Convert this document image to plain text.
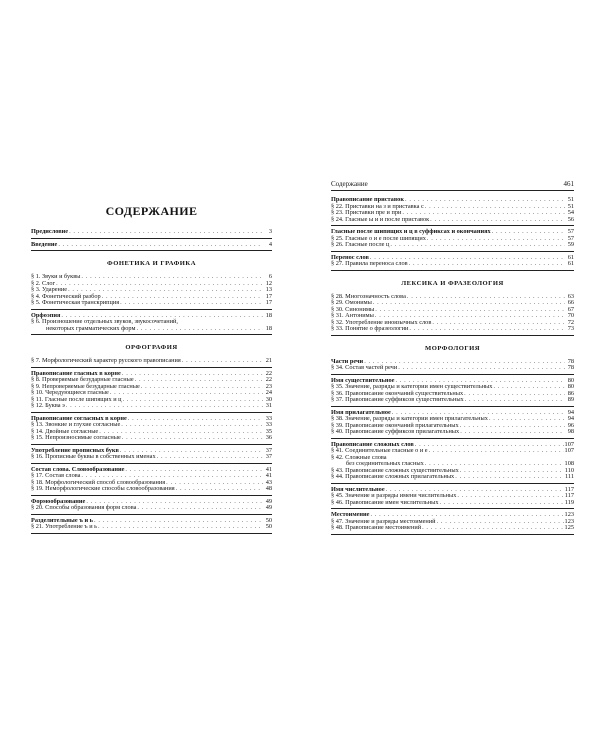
СОДЕРЖАНИЕ
Предисловие . . .	3
Введение . . .	4
ФОНЕТИКА И ГРАФИКА
§ 1. Звуки и буквы . . .	6
§ 2. Слог . . .	12
§ 3. Ударение . . .	13
§ 4. Фонетический разбор . . .	17
§ 5. Фонетическая транскрипция . . .	17
Орфоэпия . . .	18
§ 6. Произношение отдельных звуков, звукосочетаний,
некоторых грамматических форм . . .	18
ОРФОГРАФИЯ
§ 7. Морфологический характер русского правописания . . .	21
Правописание гласных в корне . . .	22
§ 8. Проверяемые безударные гласные . . .	22
§ 9. Непроверяемые безударные гласные . . .	23
§ 10. Чередующиеся гласные . . .	24
§ 11. Гласные после шипящих и ц . . .	30
§ 12. Буква э . . .	31
Правописание согласных в корне . . .	33
§ 13. Звонкие и глухие согласные . . .	33
§ 14. Двойные согласные . . .	35
§ 15. Непроизносимые согласные . . .	36
Употребление прописных букв . . .	37
§ 16. Прописные буквы в собственных именах . . .	37
Состав слова. Словообразование . . .	41
§ 17. Состав слова . . .	41
§ 18. Морфологический способ словообразования . . .	43
§ 19. Неморфологические способы словообразования . . .	48
Формообразование . . .	49
§ 20. Способы образования форм слова . . .	49
Разделительные ъ и ь . . .	50
§ 21. Употребление ъ и ь . . .	50
Содержание	461
Правописание приставок . . .	51
§ 22. Приставки на з и приставка с . . .	51
§ 23. Приставки пре и при . . .	54
§ 24. Гласные ы и и после приставок . . .	56
Гласные после шипящих и ц в суффиксах и окончаниях . . .	57
§ 25. Гласные о и е после шипящих . . .	57
§ 26. Гласные после ц . . .	59
Перенос слов . . .	61
§ 27. Правила переноса слов . . .	61
ЛЕКСИКА И ФРАЗЕОЛОГИЯ
§ 28. Многозначность слова . . .	63
§ 29. Омонимы . . .	66
§ 30. Синонимы . . .	67
§ 31. Антонимы . . .	70
§ 32. Употребление иноязычных слов . . .	72
§ 33. Понятие о фразеологии . . .	73
МОРФОЛОГИЯ
Части речи . . .	78
§ 34. Состав частей речи . . .	78
Имя существительное . . .	80
§ 35. Значение, разряды и категории имен существительных . . .	80
§ 36. Правописание окончаний существительных . . .	86
§ 37. Правописание суффиксов существительных . . .	89
Имя прилагательное . . .	94
§ 38. Значение, разряды и категории имен прилагательных . . .	94
§ 39. Правописание окончаний прилагательных . . .	96
§ 40. Правописание суффиксов прилагательных . . .	98
Правописание сложных слов . . .	107
§ 41. Соединительные гласные о и е . . .	107
§ 42. Сложные слова
без соединительных гласных . . .	108
§ 43. Правописание сложных существительных . . .	110
§ 44. Правописание сложных прилагательных . . .	111
Имя числительное . . .	117
§ 45. Значение и разряды имени числительных . . .	117
§ 46. Правописание имен числительных . . .	119
Местоимение . . .	123
§ 47. Значение и разряды местоимений . . .	123
§ 48. Правописание местоимений . . .	125
